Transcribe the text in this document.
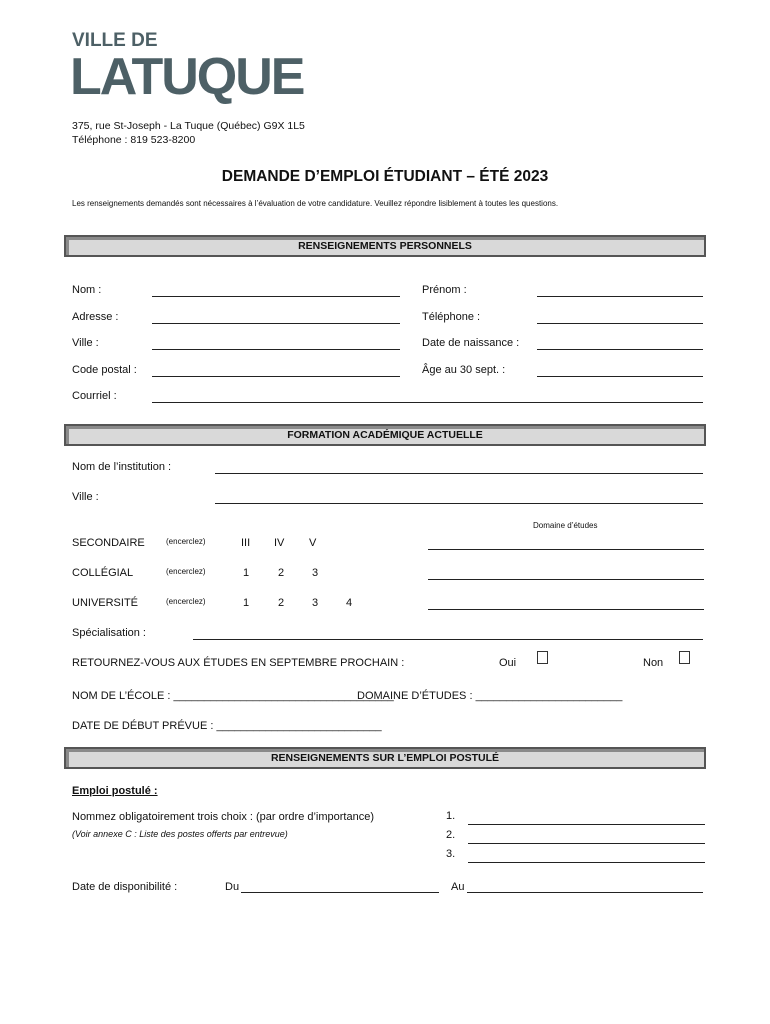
VILLE DE
LATUQUE
375, rue St-Joseph - La Tuque (Québec) G9X 1L5
Téléphone : 819 523-8200
DEMANDE D’EMPLOI ÉTUDIANT – ÉTÉ 2023
Les renseignements demandés sont nécessaires à l’évaluation de votre candidature. Veuillez répondre lisiblement à toutes les questions.
RENSEIGNEMENTS PERSONNELS
Nom :	Prénom :
Adresse :	Téléphone :
Ville :	Date de naissance :
Code postal :	Âge au 30 sept. :
Courriel :
FORMATION ACADÉMIQUE ACTUELLE
Nom de l’institution :
Ville :
Domaine d’études
SECONDAIRE	(encerclez)	III IV V
COLLÉGIAL	(encerclez)	1	2	3
UNIVERSITÉ	(encerclez)	1	2	3	4
Spécialisation :
RETOURNEZ-VOUS AUX ÉTUDES EN SEPTEMBRE PROCHAIN :	Oui	Non
NOM DE L’ÉCOLE : ____________________________________
DOMAINE D’ÉTUDES : ________________________
DATE DE DÉBUT PRÉVUE : ___________________________
RENSEIGNEMENTS SUR L’EMPLOI POSTULÉ
Emploi postulé :
Nommez obligatoirement trois choix : (par ordre d’importance)
(Voir annexe C : Liste des postes offerts par entrevue)
1.
2.
3.
Date de disponibilité :	Du	Au
